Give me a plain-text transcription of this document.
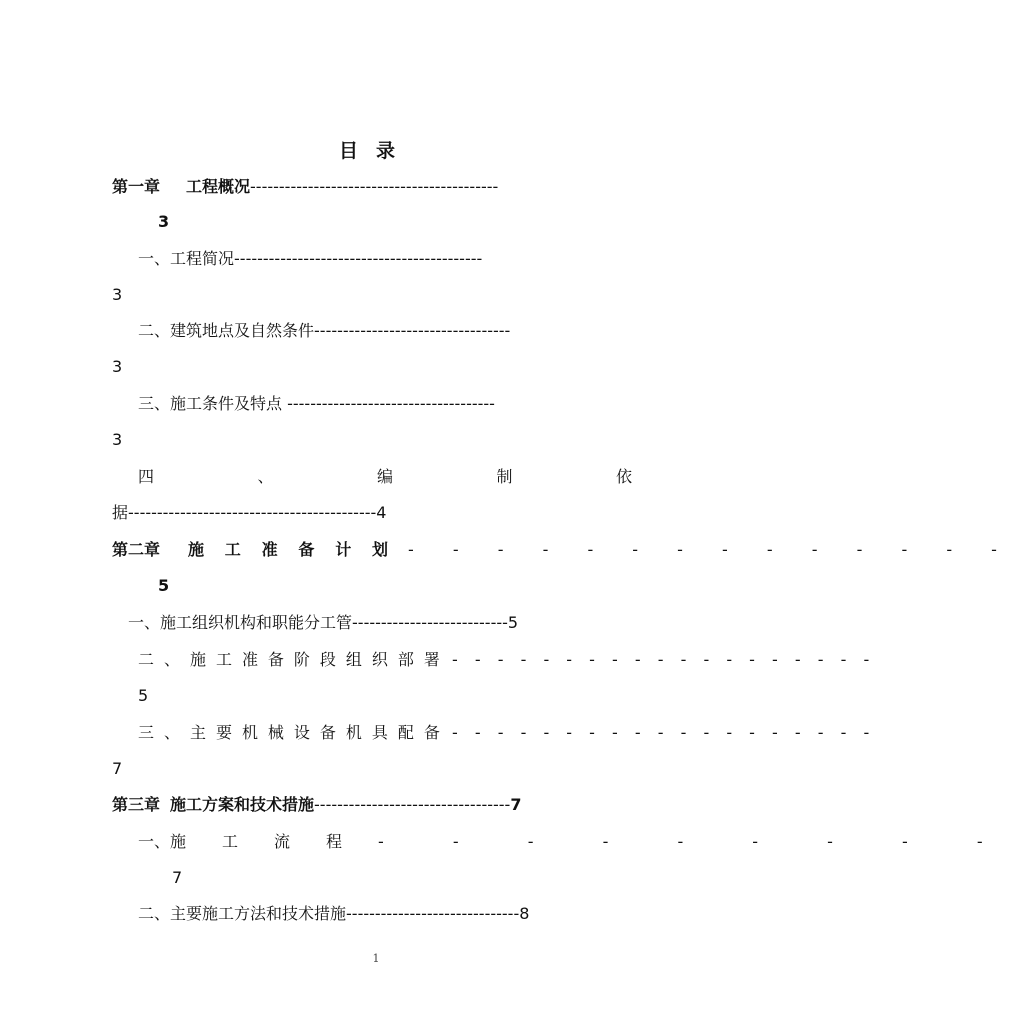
目 录
第一章 工程概况-------------------------------------------
3
一、工程简况-------------------------------------------
3
二、建筑地点及自然条件----------------------------------
3
三、施工条件及特点 ------------------------------------
3
四	、	编	制	依
据-------------------------------------------4
第二章	施 工 准 备 计 划 - - - - - - - - - - - - - -
5
一、施工组织机构和职能分工管---------------------------5
二 、 施 工 准 备 阶 段 组 织 部 署 - - - - - - - - - - - - - - - - - - -
5
三 、 主 要 机 械 设 备 机 具 配 备 - - - - - - - - - - - - - - - - - - -
7
第三章 施工方案和技术措施----------------------------------7
一、施 工 流 程 - - - - - - - - -
7
二、主要施工方法和技术措施------------------------------8
1
